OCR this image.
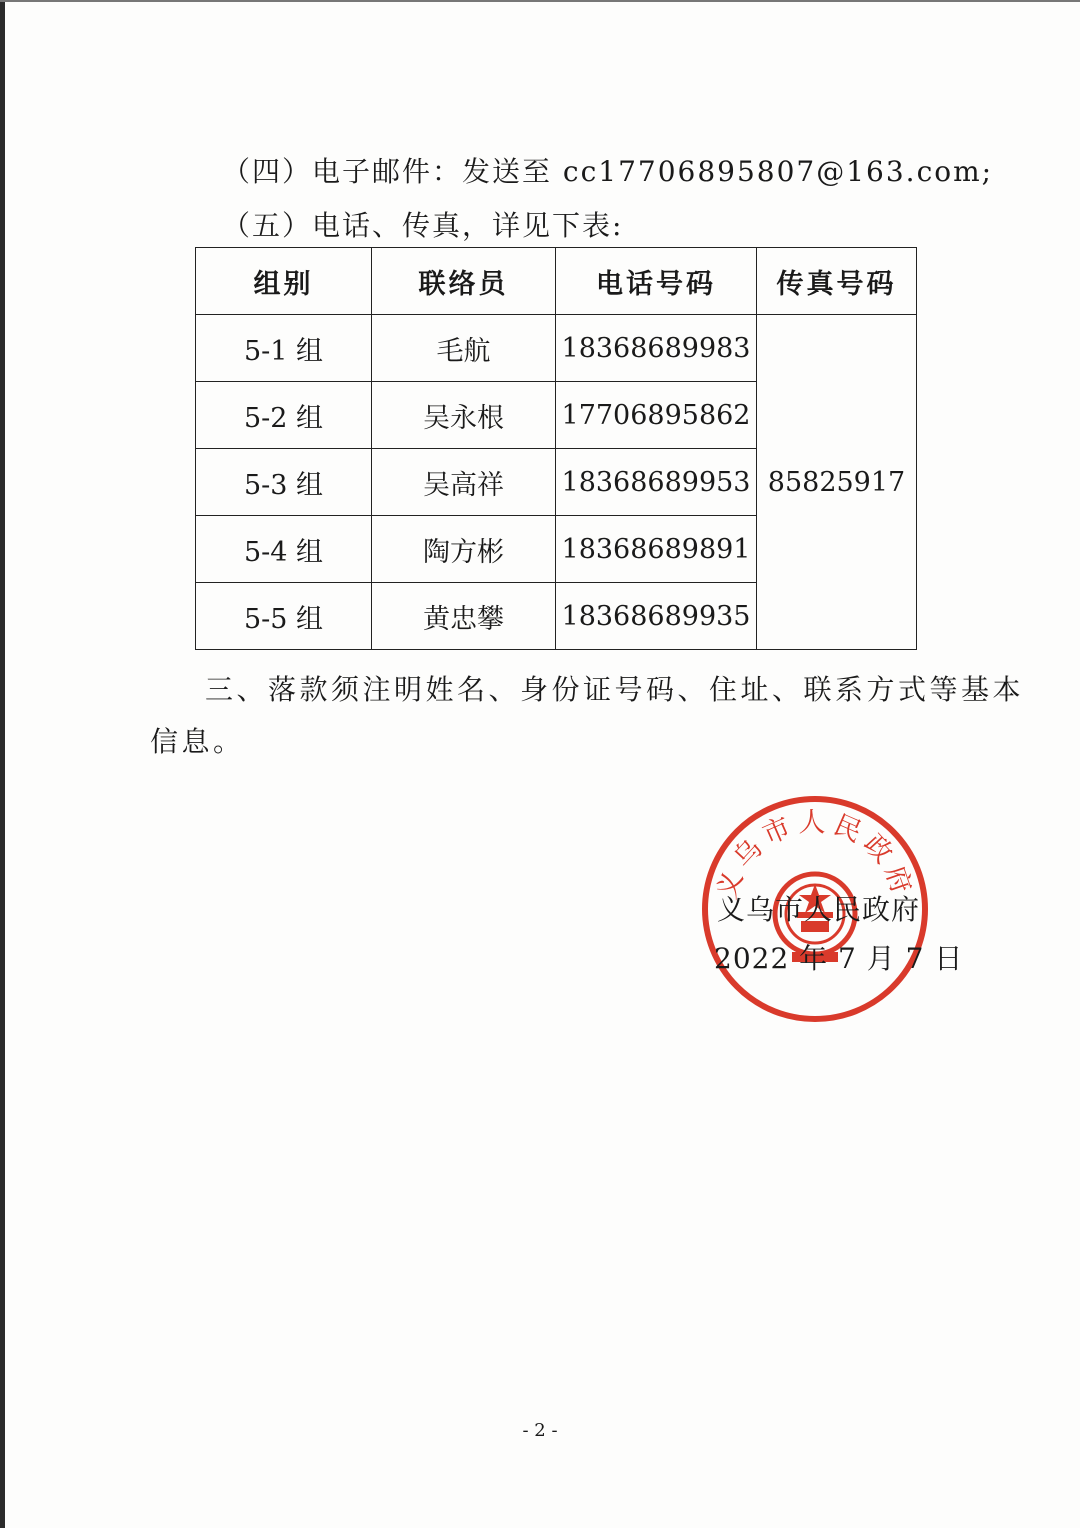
（四）电子邮件：发送至 cc17706895807@163.com;
（五）电话、传真，详见下表:
组别	联络员	电话号码	传真号码
5-1 组	毛航	18368689983	85825917
5-2 组	吴永根	17706895862	
5-3 组	吴高祥	18368689953	
5-4 组	陶方彬	18368689891	
5-5 组	黄忠攀	18368689935	
三、落款须注明姓名、身份证号码、住址、联系方式等基本
信息。
义乌市人民政府
义乌市人民政府
2022 年 7 月 7 日
- 2 -
